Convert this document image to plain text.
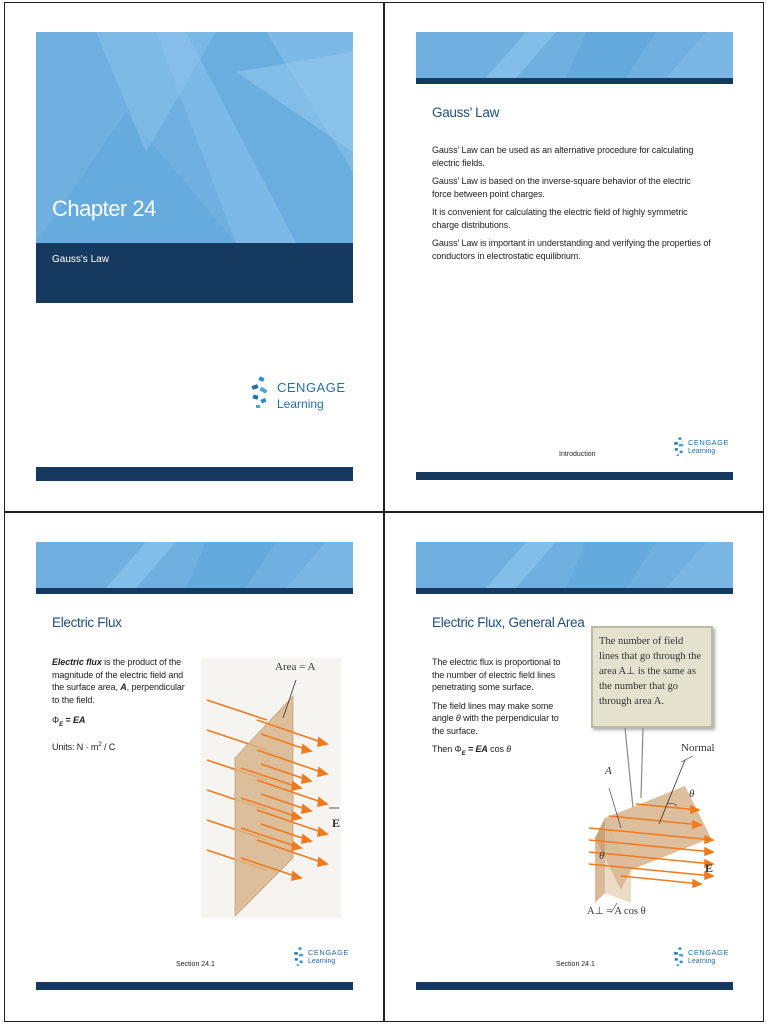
Chapter 24
Gauss's Law
CENGAGE
Learning
Gauss’ Law

Gauss’ Law can be used as an alternative procedure for calculating electric fields.

Gauss’ Law is based on the inverse-square behavior of the electric force between point charges.

It is convenient for calculating the electric field of highly symmetric charge distributions.

Gauss’ Law is important in understanding and verifying the properties of conductors in electrostatic equilibrium.

Introduction
CENGAGE
Learning
Electric Flux

Electric flux is the product of the magnitude of the electric field and the surface area, A, perpendicular to the field.

$\Phi_E$ = EA

Units: $N \cdot m^2 / C$

Area = A
E
Section 24.1
CENGAGE
Learning
Electric Flux, General Area

The electric flux is proportional to the number of electric field lines penetrating some surface.

The field lines may make some angle θ with the perpendicular to the surface.

Then $\Phi_E$ = EA cos θ

The number of field lines that go through the area A⊥ is the same as the number that go through area A.
Normal
A
θ
θ
E
A⊥ = A cos θ
Section 24.1
CENGAGE
Learning
